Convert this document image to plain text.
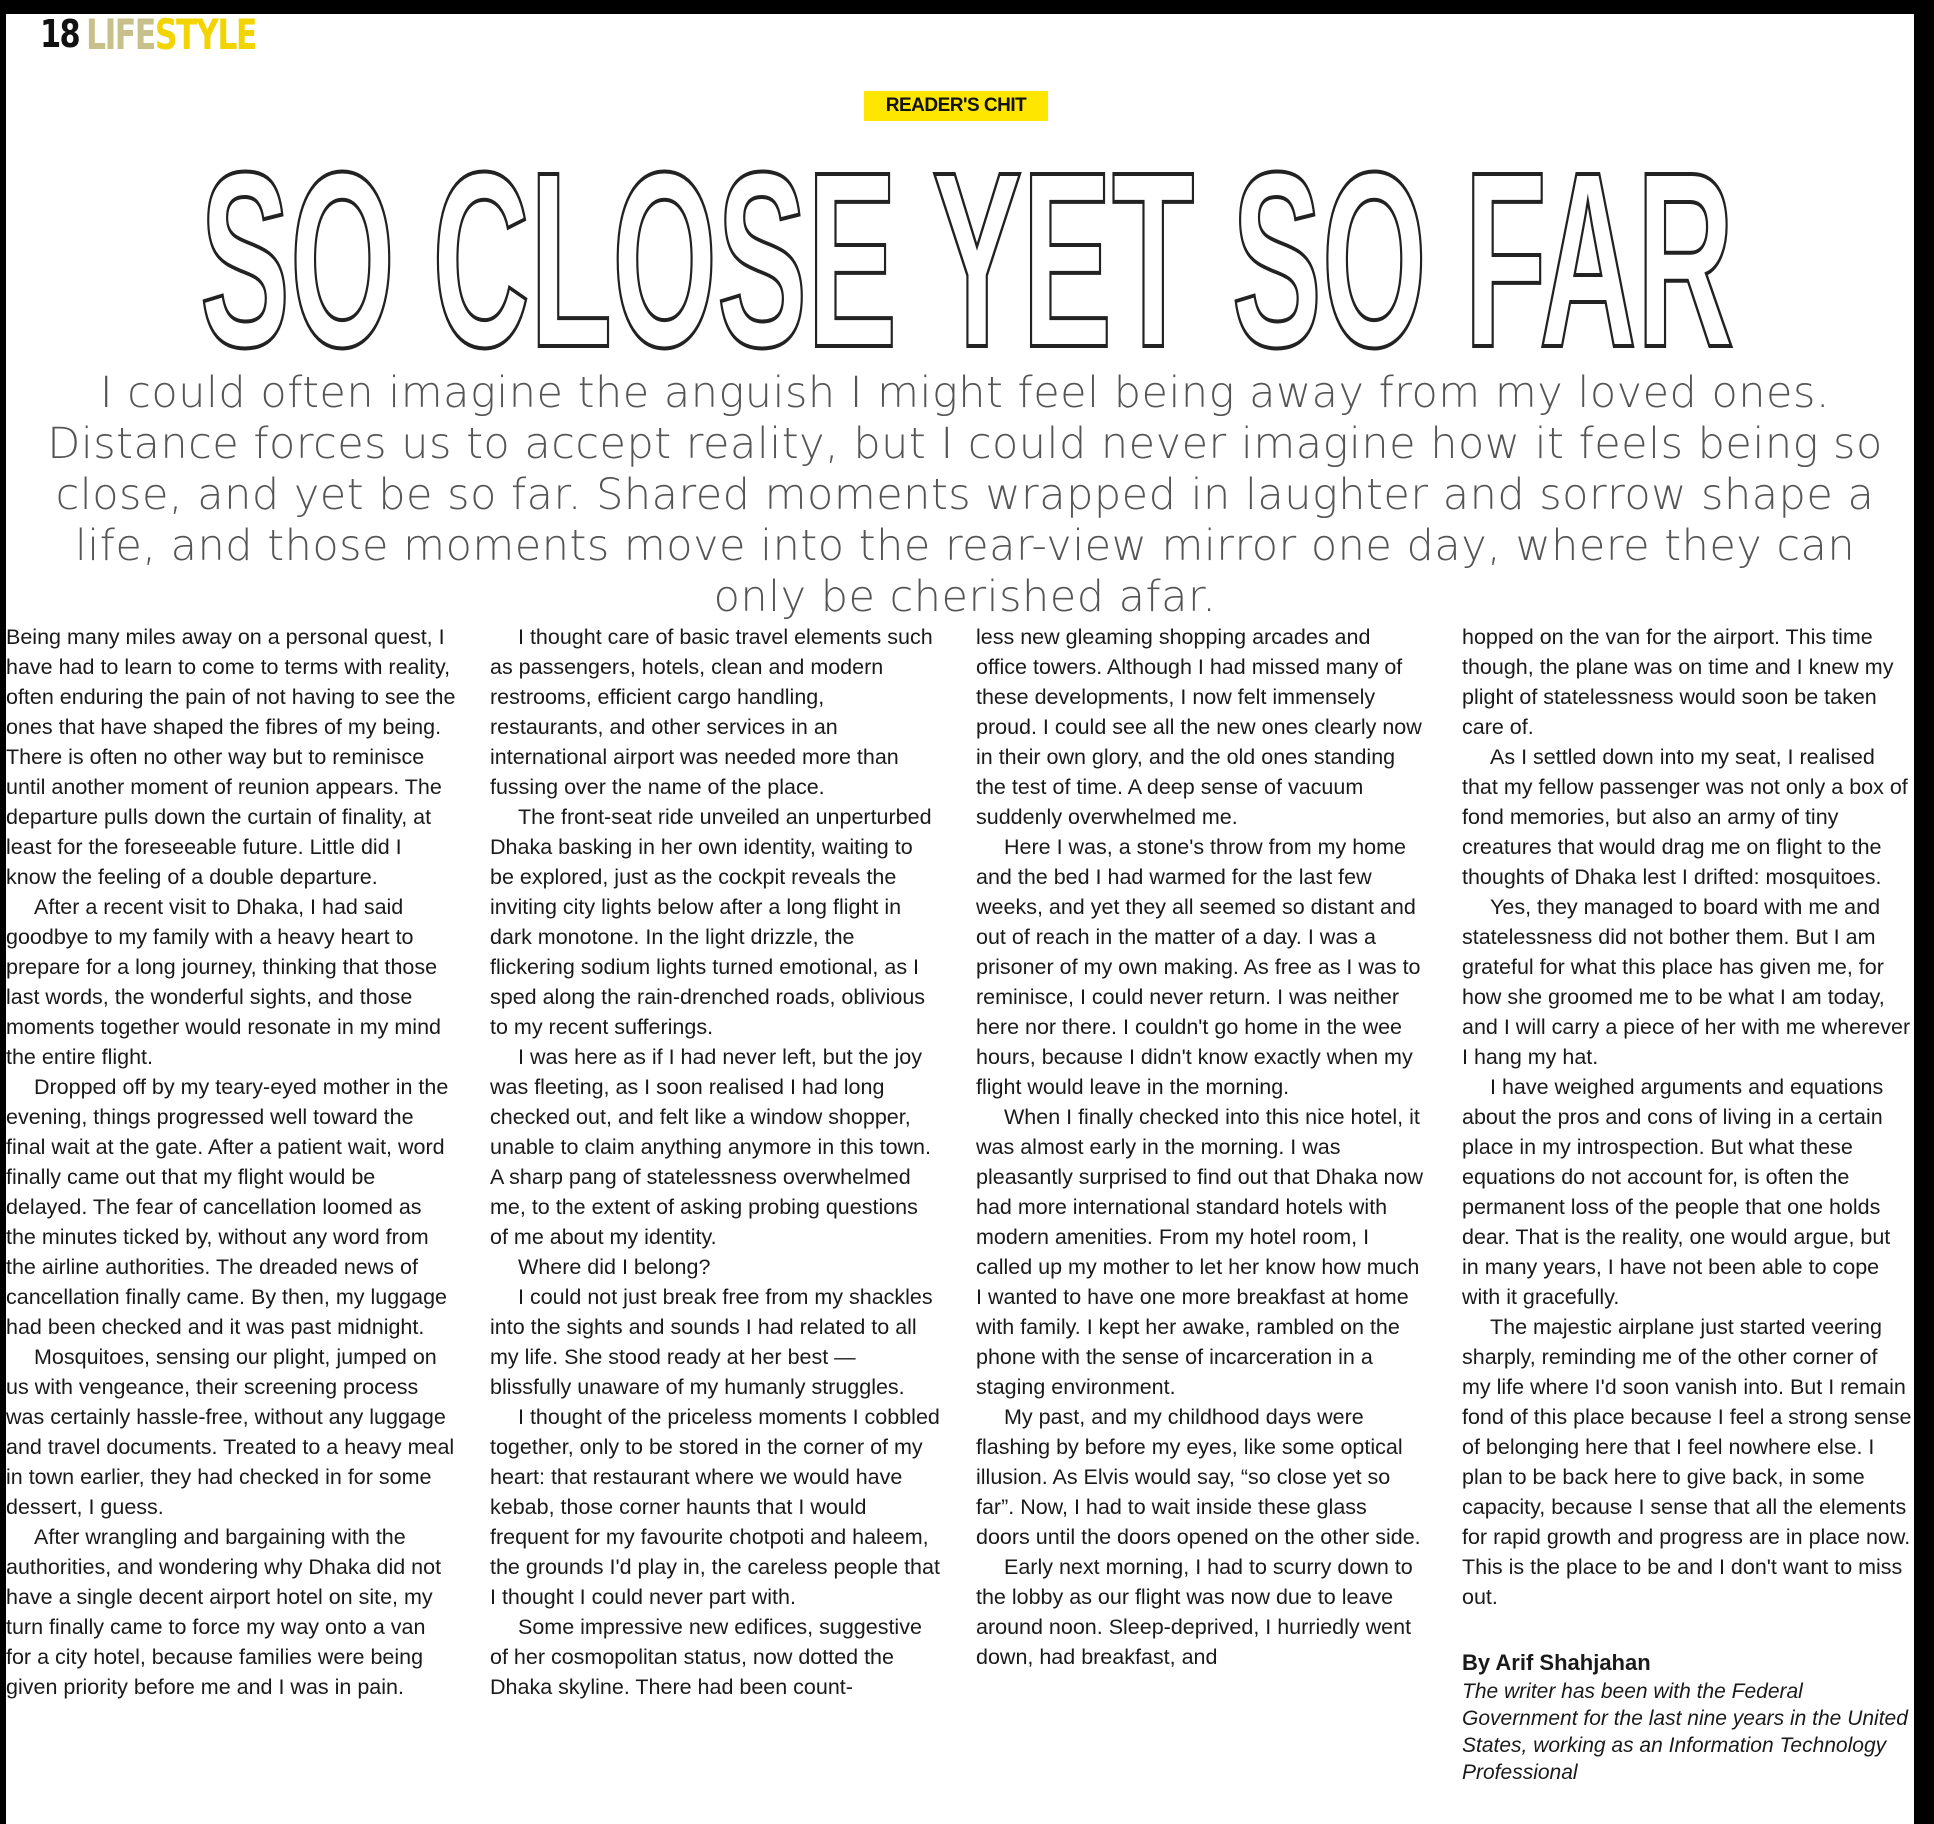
18 LIFESTYLE
READER'S CHIT
SO CLOSE YET SO FAR
I could often imagine the anguish I might feel being away from my loved ones. Distance forces us to accept reality, but I could never imagine how it feels being so close, and yet be so far. Shared moments wrapped in laughter and sorrow shape a life, and those moments move into the rear-view mirror one day, where they can only be cherished afar.

Being many miles away on a personal quest, I have had to learn to come to terms with reality, often enduring the pain of not having to see the ones that have shaped the fibres of my being. There is often no other way but to reminisce until another moment of reunion appears. The departure pulls down the curtain of finality, at least for the foreseeable future. Little did I know the feeling of a double departure.

After a recent visit to Dhaka, I had said goodbye to my family with a heavy heart to prepare for a long journey, thinking that those last words, the wonderful sights, and those moments together would resonate in my mind the entire flight.

Dropped off by my teary-eyed mother in the evening, things progressed well toward the final wait at the gate. After a patient wait, word finally came out that my flight would be delayed. The fear of cancellation loomed as the minutes ticked by, without any word from the airline authorities. The dreaded news of cancellation finally came. By then, my luggage had been checked and it was past midnight.

Mosquitoes, sensing our plight, jumped on us with vengeance, their screening process was certainly hassle-free, without any luggage and travel documents. Treated to a heavy meal in town earlier, they had checked in for some dessert, I guess.

After wrangling and bargaining with the authorities, and wondering why Dhaka did not have a single decent airport hotel on site, my turn finally came to force my way onto a van for a city hotel, because families were being given priority before me and I was in pain.

I thought care of basic travel elements such as passengers, hotels, clean and modern restrooms, efficient cargo handling, restaurants, and other services in an international airport was needed more than fussing over the name of the place.

The front-seat ride unveiled an unperturbed Dhaka basking in her own identity, waiting to be explored, just as the cockpit reveals the inviting city lights below after a long flight in dark monotone. In the light drizzle, the flickering sodium lights turned emotional, as I sped along the rain-drenched roads, oblivious to my recent sufferings.

I was here as if I had never left, but the joy was fleeting, as I soon realised I had long checked out, and felt like a window shopper, unable to claim anything anymore in this town. A sharp pang of statelessness overwhelmed me, to the extent of asking probing questions of me about my identity.

Where did I belong?

I could not just break free from my shackles into the sights and sounds I had related to all my life. She stood ready at her best — blissfully unaware of my humanly struggles.

I thought of the priceless moments I cobbled together, only to be stored in the corner of my heart: that restaurant where we would have kebab, those corner haunts that I would frequent for my favourite chotpoti and haleem, the grounds I'd play in, the careless people that I thought I could never part with.

Some impressive new edifices, suggestive of her cosmopolitan status, now dotted the Dhaka skyline. There had been count-

less new gleaming shopping arcades and office towers. Although I had missed many of these developments, I now felt immensely proud. I could see all the new ones clearly now in their own glory, and the old ones standing the test of time. A deep sense of vacuum suddenly overwhelmed me.

Here I was, a stone's throw from my home and the bed I had warmed for the last few weeks, and yet they all seemed so distant and out of reach in the matter of a day. I was a prisoner of my own making. As free as I was to reminisce, I could never return. I was neither here nor there. I couldn't go home in the wee hours, because I didn't know exactly when my flight would leave in the morning.

When I finally checked into this nice hotel, it was almost early in the morning. I was pleasantly surprised to find out that Dhaka now had more international standard hotels with modern amenities. From my hotel room, I called up my mother to let her know how much I wanted to have one more breakfast at home with family. I kept her awake, rambled on the phone with the sense of incarceration in a staging environment.

My past, and my childhood days were flashing by before my eyes, like some optical illusion. As Elvis would say, “so close yet so far”. Now, I had to wait inside these glass doors until the doors opened on the other side.

Early next morning, I had to scurry down to the lobby as our flight was now due to leave around noon. Sleep-deprived, I hurriedly went down, had breakfast, and

hopped on the van for the airport. This time though, the plane was on time and I knew my plight of statelessness would soon be taken care of.

As I settled down into my seat, I realised that my fellow passenger was not only a box of fond memories, but also an army of tiny creatures that would drag me on flight to the thoughts of Dhaka lest I drifted: mosquitoes.

Yes, they managed to board with me and statelessness did not bother them. But I am grateful for what this place has given me, for how she groomed me to be what I am today, and I will carry a piece of her with me wherever I hang my hat.

I have weighed arguments and equations about the pros and cons of living in a certain place in my introspection. But what these equations do not account for, is often the permanent loss of the people that one holds dear. That is the reality, one would argue, but in many years, I have not been able to cope with it gracefully.

The majestic airplane just started veering sharply, reminding me of the other corner of my life where I'd soon vanish into. But I remain fond of this place because I feel a strong sense of belonging here that I feel nowhere else. I plan to be back here to give back, in some capacity, because I sense that all the elements for rapid growth and progress are in place now. This is the place to be and I don't want to miss out.

By Arif Shahjahan
The writer has been with the Federal Government for the last nine years in the United States, working as an Information Technology Professional
